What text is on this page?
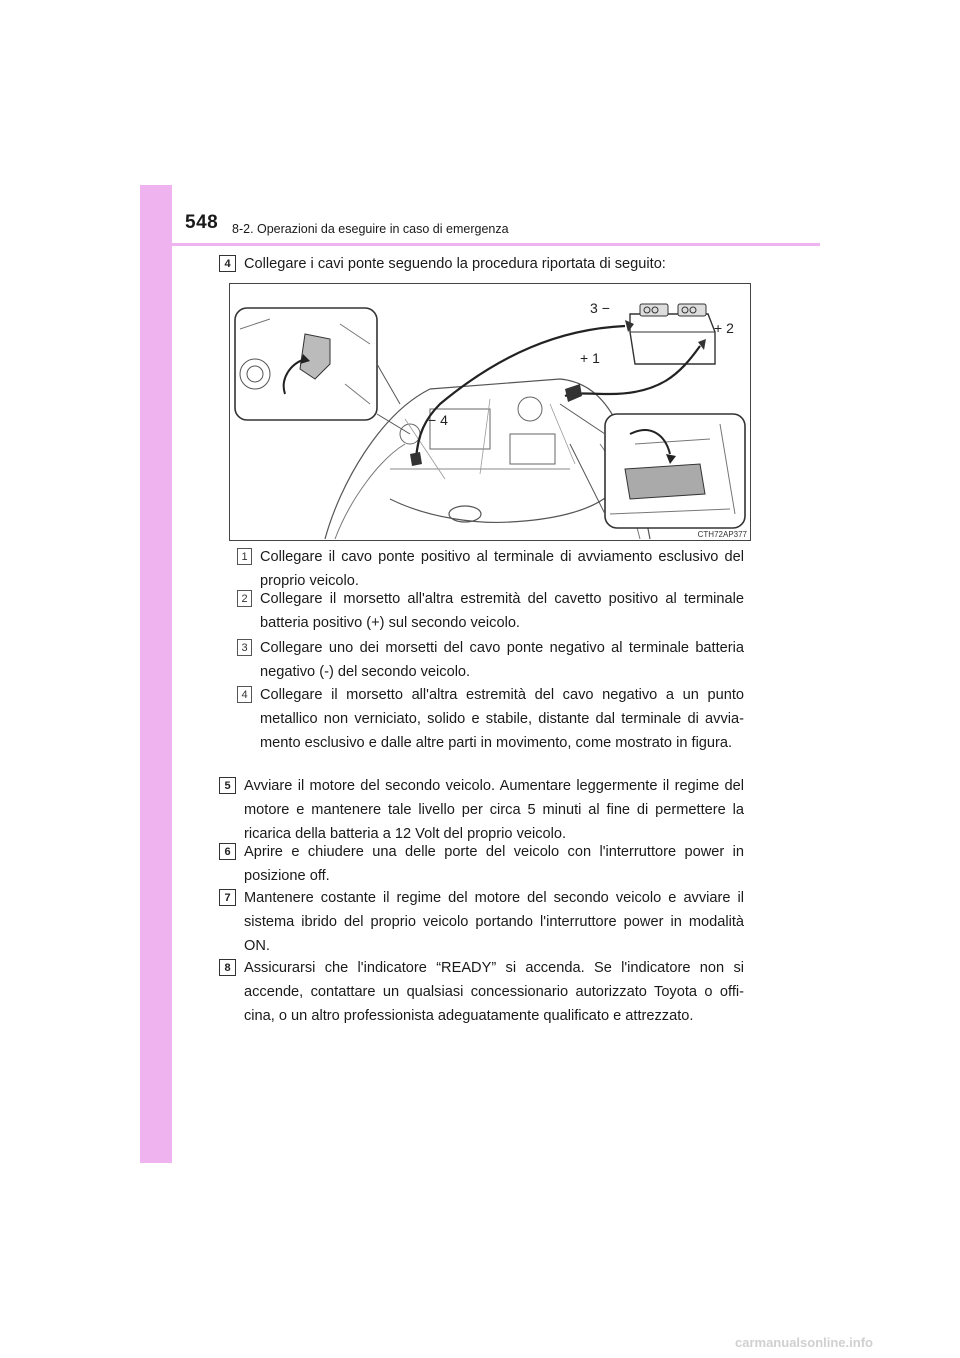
548 8-2. Operazioni da eseguire in caso di emergenza
4 Collegare i cavi ponte seguendo la procedura riportata di seguito:

3 −
+ 2
+ 1
− 4
CTH72AP377
1 Collegare il cavo ponte positivo al terminale di avviamento esclusivo del proprio veicolo.

2 Collegare il morsetto all'altra estremità del cavetto positivo al terminale batteria positivo (+) sul secondo veicolo.

3 Collegare uno dei morsetti del cavo ponte negativo al terminale batteria negativo (-) del secondo veicolo.

4 Collegare il morsetto all'altra estremità del cavo negativo a un punto metallico non verniciato, solido e stabile, distante dal terminale di avvia-mento esclusivo e dalle altre parti in movimento, come mostrato in figura.

5 Avviare il motore del secondo veicolo. Aumentare leggermente il regime del motore e mantenere tale livello per circa 5 minuti al fine di permettere la ricarica della batteria a 12 Volt del proprio veicolo.

6 Aprire e chiudere una delle porte del veicolo con l'interruttore power in posizione off.

7 Mantenere costante il regime del motore del secondo veicolo e avviare il sistema ibrido del proprio veicolo portando l'interruttore power in modalità ON.

8 Assicurarsi che l'indicatore “READY” si accenda. Se l'indicatore non si accende, contattare un qualsiasi concessionario autorizzato Toyota o offi-cina, o un altro professionista adeguatamente qualificato e attrezzato.

carmanualsonline.info
